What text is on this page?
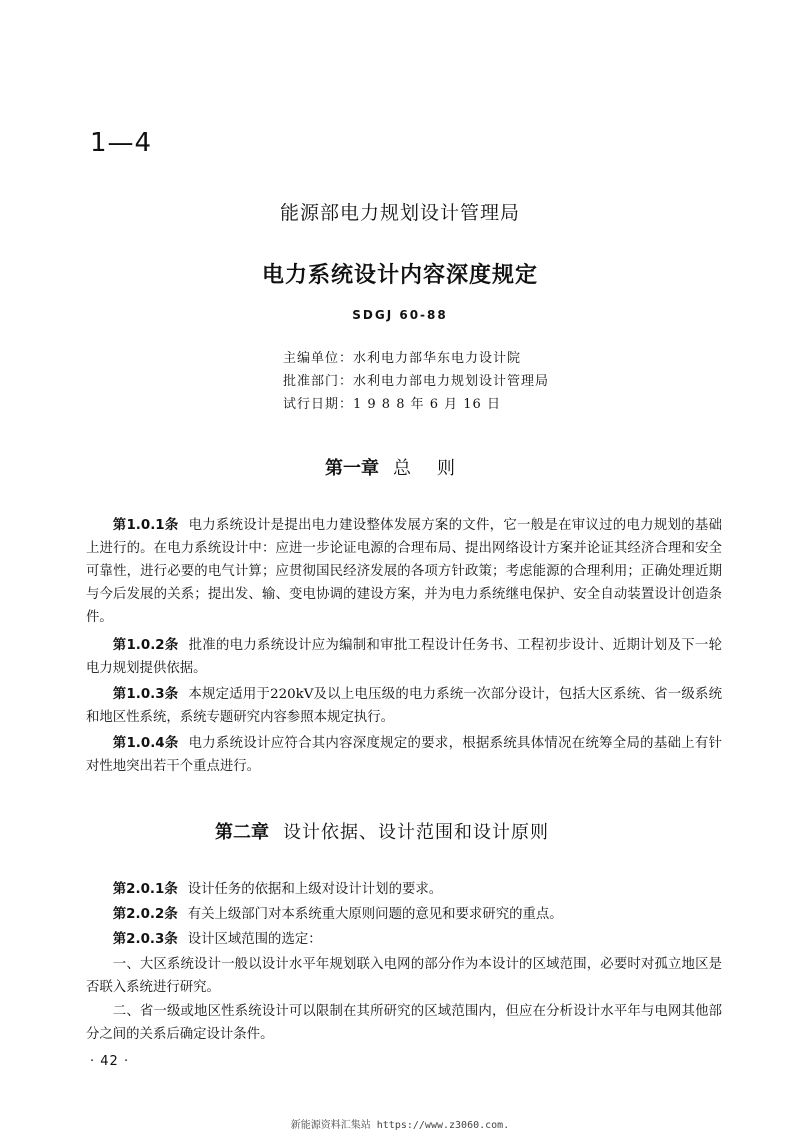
1—4
能源部电力规划设计管理局
电力系统设计内容深度规定
SDGJ 60-88
主编单位：水利电力部华东电力设计院
批准部门：水利电力部电力规划设计管理局
试行日期：1 9 8 8 年 6 月 16 日
第一章 总则
第1.0.1条 电力系统设计是提出电力建设整体发展方案的文件，它一般是在审议过的电力规划的基础上进行的。在电力系统设计中：应进一步论证电源的合理布局、提出网络设计方案并论证其经济合理和安全可靠性，进行必要的电气计算；应贯彻国民经济发展的各项方针政策；考虑能源的合理利用；正确处理近期与今后发展的关系；提出发、输、变电协调的建设方案，并为电力系统继电保护、安全自动装置设计创造条件。
第1.0.2条 批准的电力系统设计应为编制和审批工程设计任务书、工程初步设计、近期计划及下一轮电力规划提供依据。
第1.0.3条 本规定适用于220kV及以上电压级的电力系统一次部分设计，包括大区系统、省一级系统和地区性系统，系统专题研究内容参照本规定执行。
第1.0.4条 电力系统设计应符合其内容深度规定的要求，根据系统具体情况在统筹全局的基础上有针对性地突出若干个重点进行。
第二章 设计依据、设计范围和设计原则
第2.0.1条 设计任务的依据和上级对设计计划的要求。
第2.0.2条 有关上级部门对本系统重大原则问题的意见和要求研究的重点。
第2.0.3条 设计区域范围的选定：
一、大区系统设计一般以设计水平年规划联入电网的部分作为本设计的区域范围，必要时对孤立地区是否联入系统进行研究。
二、省一级或地区性系统设计可以限制在其所研究的区域范围内，但应在分析设计水平年与电网其他部分之间的关系后确定设计条件。
· 42 ·
新能源资料汇集站 https://www.z3060.com.
